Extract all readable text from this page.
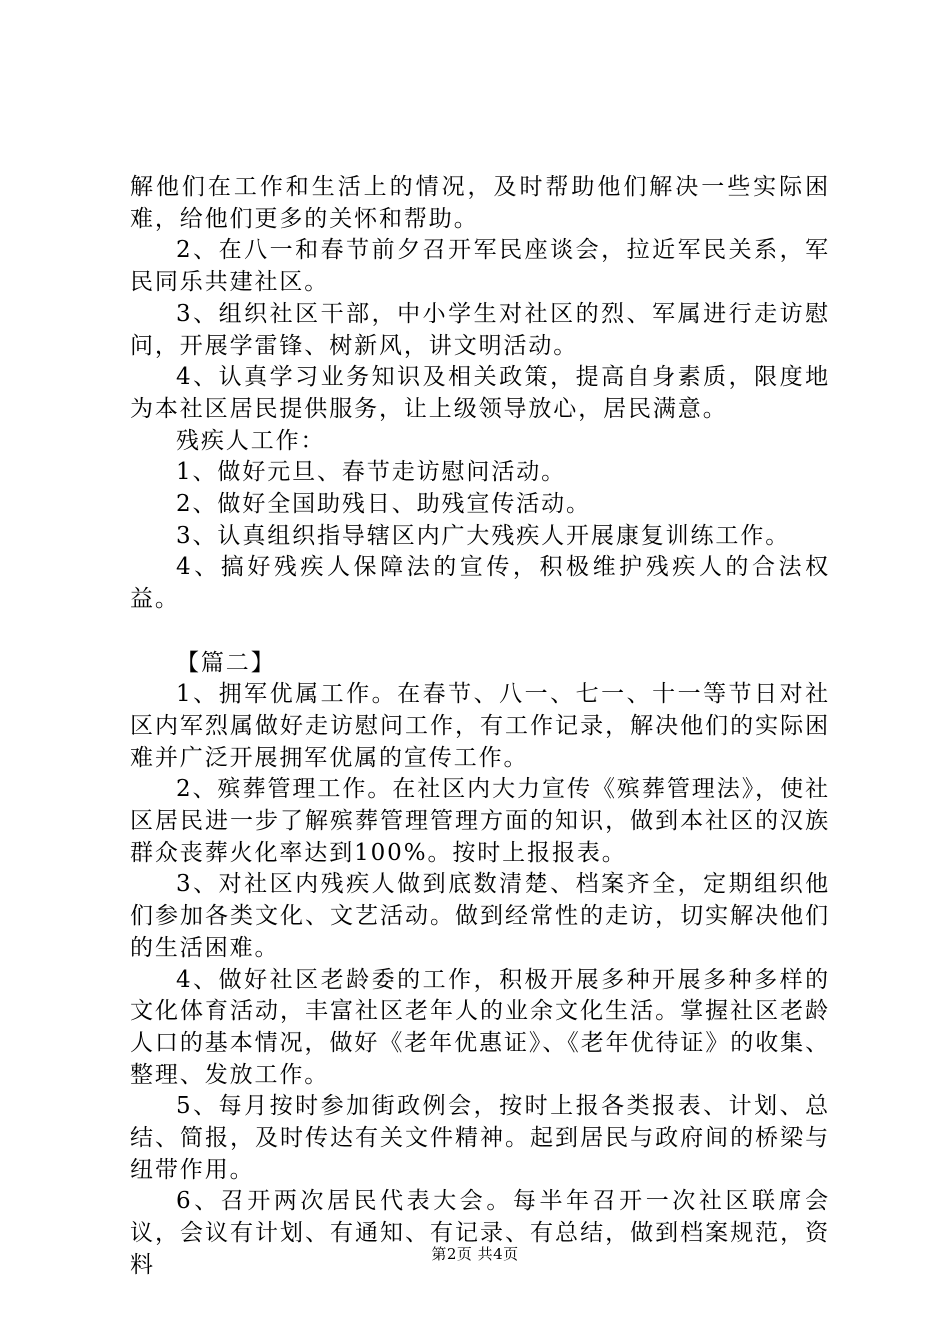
解他们在工作和生活上的情况，及时帮助他们解决一些实际困难，给他们更多的关怀和帮助。

2、在八一和春节前夕召开军民座谈会，拉近军民关系，军民同乐共建社区。

3、组织社区干部，中小学生对社区的烈、军属进行走访慰问，开展学雷锋、树新风，讲文明活动。

4、认真学习业务知识及相关政策，提高自身素质，限度地为本社区居民提供服务，让上级领导放心，居民满意。

残疾人工作：

1、做好元旦、春节走访慰问活动。

2、做好全国助残日、助残宣传活动。

3、认真组织指导辖区内广大残疾人开展康复训练工作。

4、搞好残疾人保障法的宣传，积极维护残疾人的合法权益。

【篇二】

1、拥军优属工作。在春节、八一、七一、十一等节日对社区内军烈属做好走访慰问工作，有工作记录，解决他们的实际困难并广泛开展拥军优属的宣传工作。

2、殡葬管理工作。在社区内大力宣传《殡葬管理法》，使社区居民进一步了解殡葬管理管理方面的知识，做到本社区的汉族群众丧葬火化率达到100%。按时上报报表。

3、对社区内残疾人做到底数清楚、档案齐全，定期组织他们参加各类文化、文艺活动。做到经常性的走访，切实解决他们的生活困难。

4、做好社区老龄委的工作，积极开展多种开展多种多样的文化体育活动，丰富社区老年人的业余文化生活。掌握社区老龄人口的基本情况，做好《老年优惠证》、《老年优待证》的收集、整理、发放工作。

5、每月按时参加街政例会，按时上报各类报表、计划、总结、简报，及时传达有关文件精神。起到居民与政府间的桥梁与纽带作用。

6、召开两次居民代表大会。每半年召开一次社区联席会议，会议有计划、有通知、有记录、有总结，做到档案规范，资料	第2页 共4页
